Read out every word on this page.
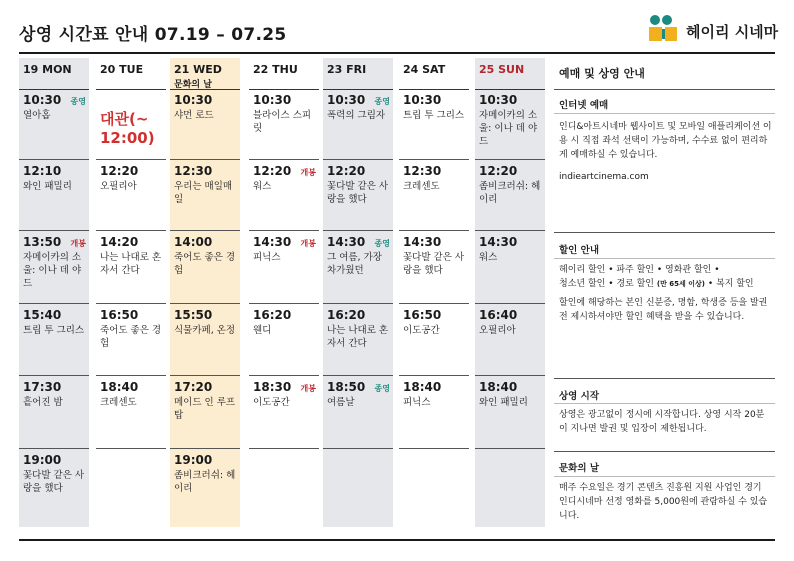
상영 시간표 안내 07.19 – 07.25	헤이리 시네마
19 MON
10:30 종영
열아홉
12:10
와인 패밀리
13:50 개봉
자메이카의 소울: 이나 데 야드
15:40
트립 투 그리스
17:30
흩어진 밤
19:00
꽃다발 같은 사랑을 했다
20 TUE
대관(~ 12:00)
12:20
오필리아
14:20
나는 나대로 혼자서 간다
16:50
죽어도 좋은 경험
18:40
크레센도
21 WED
문화의 날
10:30
샤먼 로드
12:30
우리는 매일매일
14:00
죽어도 좋은 경험
15:50
식물카페, 온정
17:20
메이드 인 루프탑
19:00
좀비크러쉬: 헤이리
22 THU
10:30
블라이스 스피릿
12:20 개봉
워스
14:30 개봉
피닉스
16:20
웬디
18:30 개봉
이도공간
23 FRI
10:30 종영
폭력의 그림자
12:20
꽃다발 같은 사랑을 했다
14:30 종영
그 여름, 가장 차가웠던
16:20
나는 나대로 혼자서 간다
18:50 종영
여름날
24 SAT
10:30
트립 투 그리스
12:30
크레센도
14:30
꽃다발 같은 사랑을 했다
16:50
이도공간
18:40
피닉스
25 SUN
10:30
자메이카의 소울: 이나 데 야드
12:20
좀비크러쉬: 헤이리
14:30
워스
16:40
오필리아
18:40
와인 패밀리
예매 및 상영 안내
인터넷 예매
인디&아트시네마 웹사이트 및 모바일 애플리케이션 이용 시 직접 좌석 선택이 가능하며, 수수료 없이 편리하게 예매하실 수 있습니다.
indieartcinema.com
할인 안내
헤이리 할인 • 파주 할인 • 영화관 할인 •
청소년 할인 • 경로 할인 (만 65세 이상) • 복지 할인
할인에 해당하는 본인 신분증, 명함, 학생증 등을 발권 전 제시하셔야만 할인 혜택을 받을 수 있습니다.
상영 시작
상영은 광고없이 정시에 시작합니다. 상영 시작 20분이 지나면 발권 및 입장이 제한됩니다.
문화의 날
매주 수요일은 경기 콘텐츠 진흥원 지원 사업인 경기 인디시네마 선정 영화를 5,000원에 관람하실 수 있습니다.
